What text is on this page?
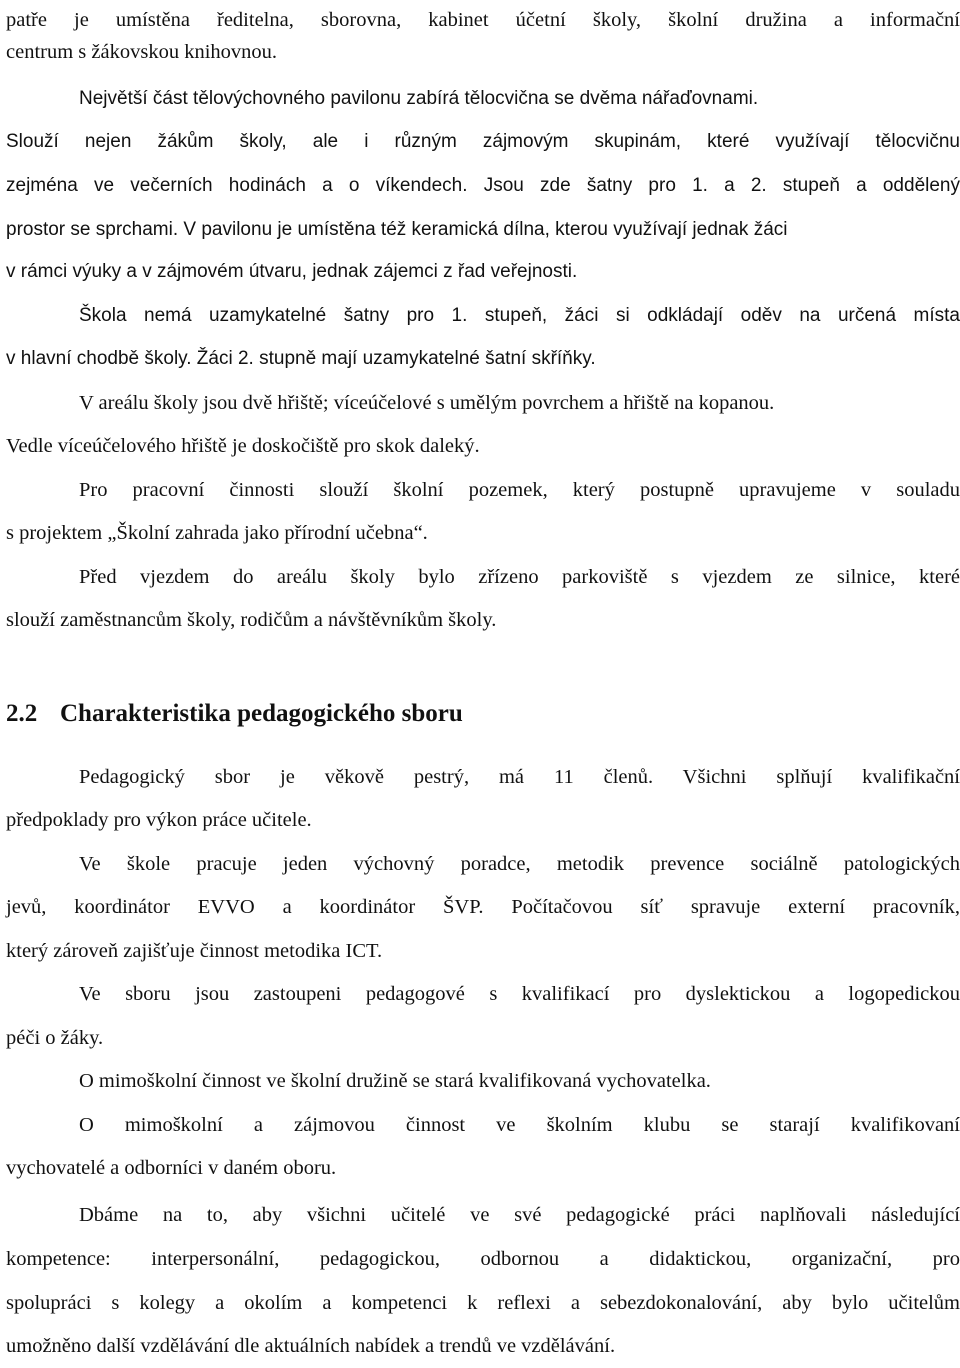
patře je umístěna ředitelna, sborovna, kabinet účetní školy, školní družina a informační
centrum s žákovskou knihovnou.
Největší část tělovýchovného pavilonu zabírá tělocvična se dvěma nářaďovnami.
Slouží nejen žákům školy, ale i různým zájmovým skupinám, které využívají tělocvičnu
zejména ve večerních hodinách a o víkendech. Jsou zde šatny pro 1. a 2. stupeň a oddělený
prostor se sprchami. V pavilonu je umístěna též keramická dílna, kterou využívají jednak žáci
v rámci výuky a v zájmovém útvaru, jednak zájemci z řad veřejnosti.
Škola nemá uzamykatelné šatny pro 1. stupeň, žáci si odkládají oděv na určená místa
v hlavní chodbě školy. Žáci 2. stupně mají uzamykatelné šatní skříňky.
V areálu školy jsou dvě hřiště; víceúčelové s umělým povrchem a hřiště na kopanou.
Vedle víceúčelového hřiště je doskočiště pro skok daleký.
Pro pracovní činnosti slouží školní pozemek, který postupně upravujeme v souladu
s projektem „Školní zahrada jako přírodní učebna“.
Před vjezdem do areálu školy bylo zřízeno parkoviště s vjezdem ze silnice, které
slouží zaměstnancům školy, rodičům a návštěvníkům školy.
2.2 Charakteristika pedagogického sboru
Pedagogický sbor je věkově pestrý, má 11 členů. Všichni splňují kvalifikační
předpoklady pro výkon práce učitele.
Ve škole pracuje jeden výchovný poradce, metodik prevence sociálně patologických
jevů, koordinátor EVVO a koordinátor ŠVP. Počítačovou síť spravuje externí pracovník,
který zároveň zajišťuje činnost metodika ICT.
Ve sboru jsou zastoupeni pedagogové s kvalifikací pro dyslektickou a logopedickou
péči o žáky.
O mimoškolní činnost ve školní družině se stará kvalifikovaná vychovatelka.
O mimoškolní a zájmovou činnost ve školním klubu se starají kvalifikovaní
vychovatelé a odborníci v daném oboru.
Dbáme na to, aby všichni učitelé ve své pedagogické práci naplňovali následující
kompetence: interpersonální, pedagogickou, odbornou a didaktickou, organizační, pro
spolupráci s kolegy a okolím a kompetenci k reflexi a sebezdokonalování, aby bylo učitelům
umožněno další vzdělávání dle aktuálních nabídek a trendů ve vzdělávání.
